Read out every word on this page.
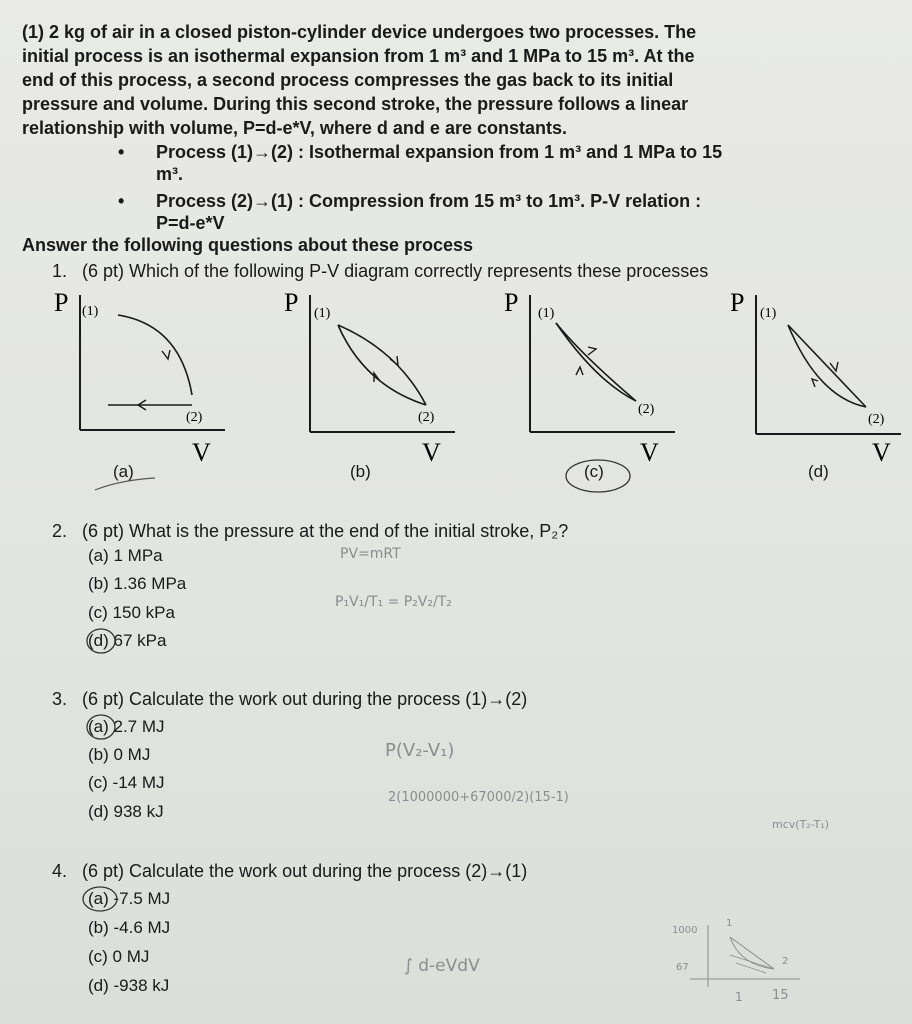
(1) 2 kg of air in a closed piston-cylinder device undergoes two processes. The

initial process is an isothermal expansion from 1 m³ and 1 MPa to 15 m³. At the

end of this process, a second process compresses the gas back to its initial

pressure and volume. During this second stroke, the pressure follows a linear

relationship with volume, P=d-e*V, where d and e are constants.

• Process (1)→(2) : Isothermal expansion from 1 m³ and 1 MPa to 15
m³.
• Process (2)→(1) : Compression from 15 m³ to 1m³. P-V relation :
P=d-e*V
Answer the following questions about these process
1. (6 pt) Which of the following P-V diagram correctly represents these processes
P (1)
(2)
V
(a)
P (1)
(2)
V
(b)
P (1)
(2)
V
(c)
P (1)
(2)
V
(d)
2. (6 pt) What is the pressure at the end of the initial stroke, P₂?
(a) 1 MPa
(b) 1.36 MPa
(c) 150 kPa
(d) 67 kPa
PV=mRT
P₁V₁/T₁ = P₂V₂/T₂
3. (6 pt) Calculate the work out during the process (1)→(2)
(a) 2.7 MJ
(b) 0 MJ
(c) -14 MJ
(d) 938 kJ
P(V₂-V₁)
2(1000000+67000/2)(15-1)
mcv(T₂-T₁)
4. (6 pt) Calculate the work out during the process (2)→(1)
(a) -7.5 MJ
(b) -4.6 MJ
(c) 0 MJ
(d) -938 kJ
∫ d-eVdV
1000
67
1 15
1
2
